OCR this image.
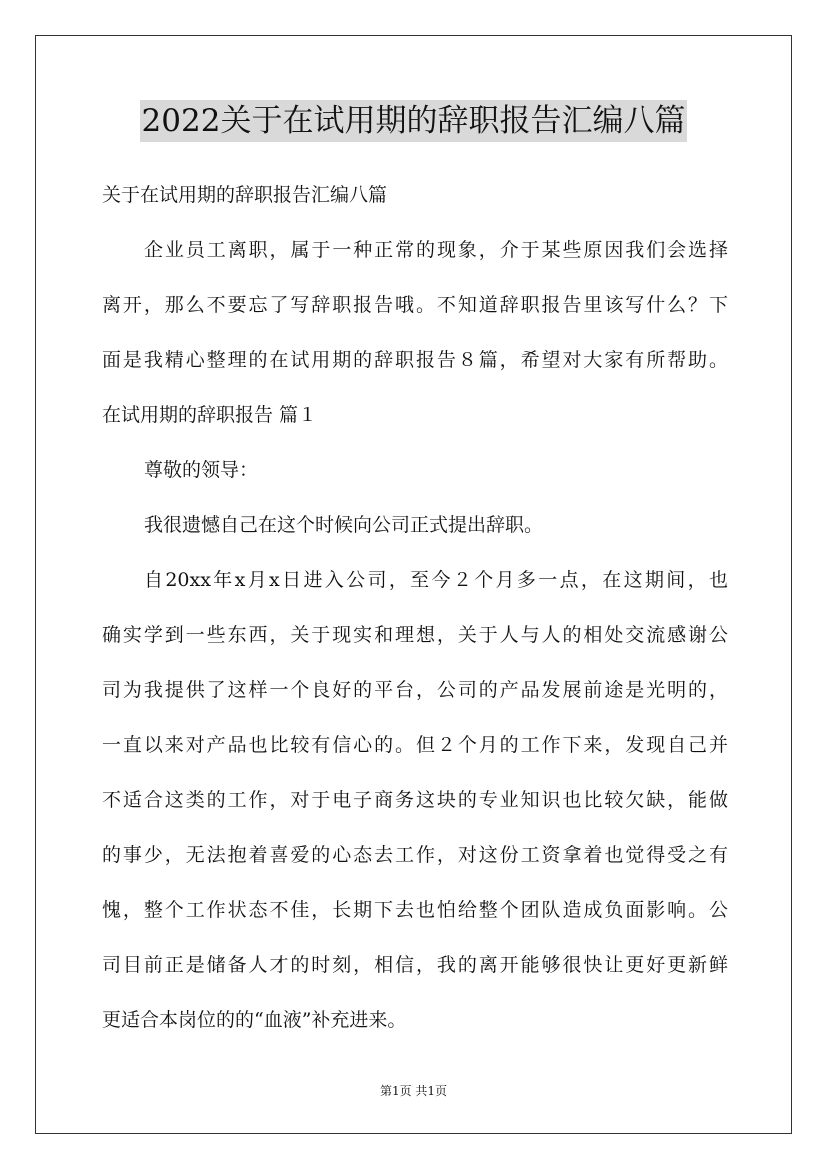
2022关于在试用期的辞职报告汇编八篇
关于在试用期的辞职报告汇编八篇
企业员工离职，属于一种正常的现象，介于某些原因我们会选择
离开，那么不要忘了写辞职报告哦。不知道辞职报告里该写什么？下
面是我精心整理的在试用期的辞职报告８篇，希望对大家有所帮助。
在试用期的辞职报告 篇１
尊敬的领导：
我很遗憾自己在这个时候向公司正式提出辞职。
自20xx年x月x日进入公司，至今２个月多一点，在这期间，也
确实学到一些东西，关于现实和理想，关于人与人的相处交流感谢公
司为我提供了这样一个良好的平台，公司的产品发展前途是光明的，
一直以来对产品也比较有信心的。但２个月的工作下来，发现自己并
不适合这类的工作，对于电子商务这块的专业知识也比较欠缺，能做
的事少，无法抱着喜爱的心态去工作，对这份工资拿着也觉得受之有
愧，整个工作状态不佳，长期下去也怕给整个团队造成负面影响。公
司目前正是储备人才的时刻，相信，我的离开能够很快让更好更新鲜
更适合本岗位的的“血液”补充进来。
第1页 共1页
